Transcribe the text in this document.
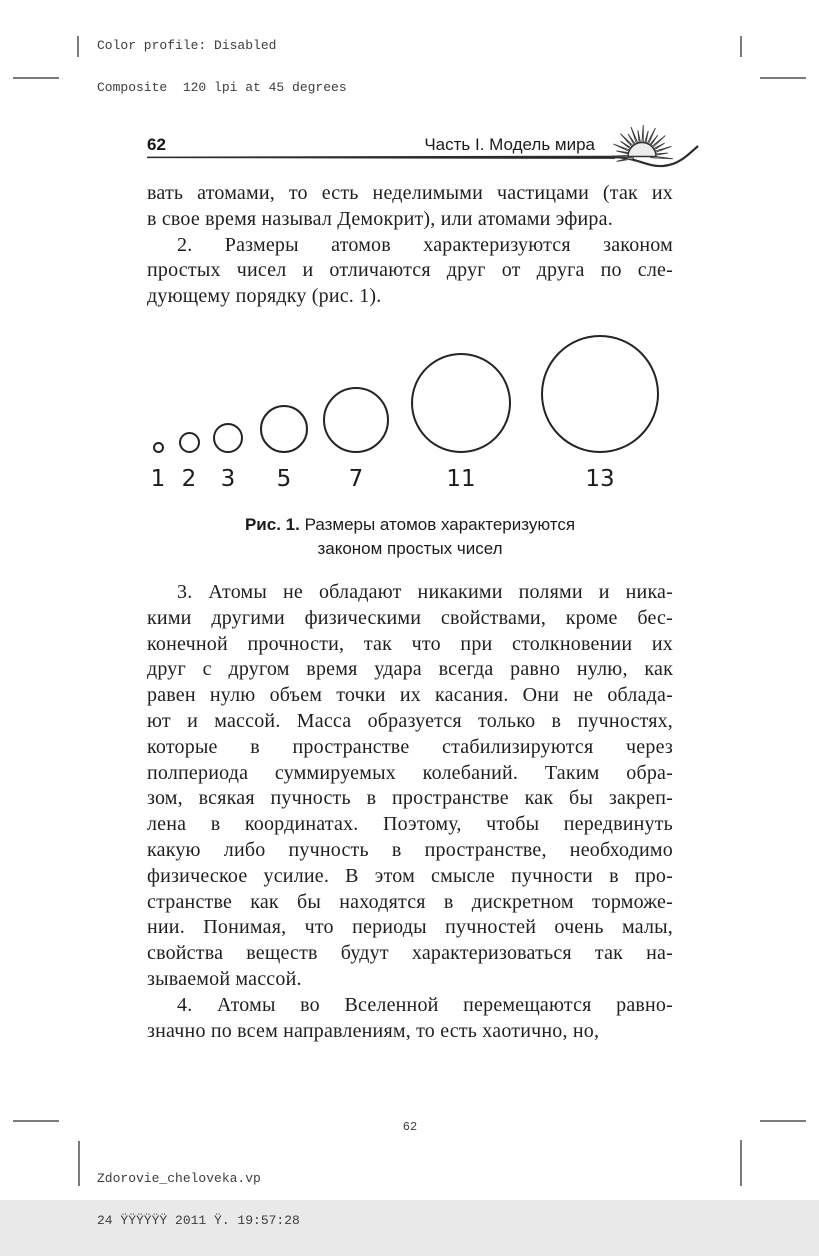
Color profile: Disabled

Composite  120 lpi at 45 degrees

62	Часть I. Модель мира
вать атомами, то есть неделимыми частицами (так их
в свое время называл Демокрит), или атомами эфира.
2. Размеры атомов характеризуются законом
простых чисел и отличаются друг от друга по сле-
дующему порядку (рис. 1).
1 2 3 5 7	11	13
Рис. 1. Размеры атомов характеризуются
законом простых чисел
3. Атомы не обладают никакими полями и ника-
кими другими физическими свойствами, кроме бес-
конечной прочности, так что при столкновении их
друг с другом время удара всегда равно нулю, как
равен нулю объем точки их касания. Они не облада-
ют и массой. Масса образуется только в пучностях,
которые в пространстве стабилизируются через
полпериода суммируемых колебаний. Таким обра-
зом, всякая пучность в пространстве как бы закреп-
лена в координатах. Поэтому, чтобы передвинуть
какую либо пучность в пространстве, необходимо
физическое усилие. В этом смысле пучности в про-
странстве как бы находятся в дискретном торможе-
нии. Понимая, что периоды пучностей очень малы,
свойства веществ будут характеризоваться так на-
зываемой массой.
4. Атомы во Вселенной перемещаются равно-
значно по всем направлениям, то есть хаотично, но,
62

Zdorovie_cheloveka.vp

24 ŸŸŸŸŸŸ 2011 Ÿ. 19:57:28
